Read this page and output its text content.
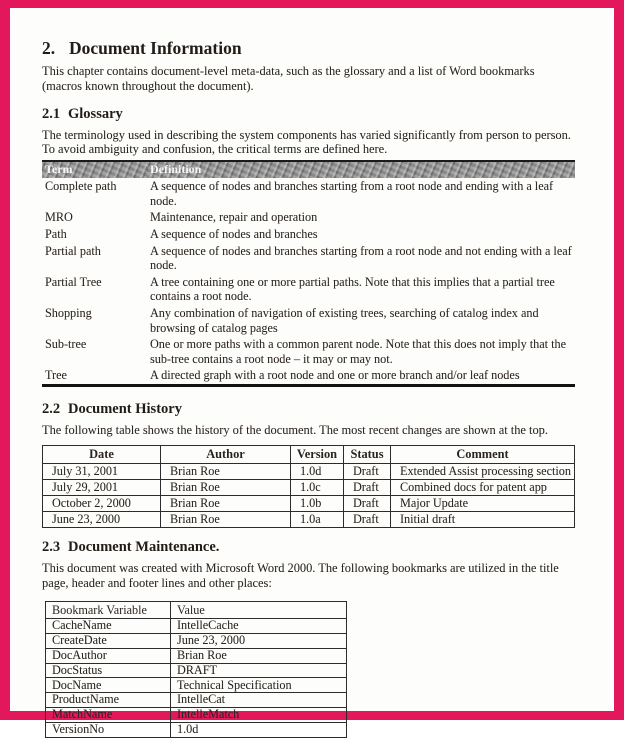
2. Document Information

This chapter contains document-level meta-data, such as the glossary and a list of Word bookmarks (macros known throughout the document).

2.1 Glossary

The terminology used in describing the system components has varied significantly from person to person. To avoid ambiguity and confusion, the critical terms are defined here.

Term	Definition
Complete path	A sequence of nodes and branches starting from a root node and ending with a leaf node.
MRO	Maintenance, repair and operation
Path	A sequence of nodes and branches
Partial path	A sequence of nodes and branches starting from a root node and not ending with a leaf node.
Partial Tree	A tree containing one or more partial paths. Note that this implies that a partial tree contains a root node.
Shopping	Any combination of navigation of existing trees, searching of catalog index and browsing of catalog pages
Sub-tree	One or more paths with a common parent node. Note that this does not imply that the sub-tree contains a root node – it may or may not.
Tree	A directed graph with a root node and one or more branch and/or leaf nodes
2.2 Document History

The following table shows the history of the document. The most recent changes are shown at the top.

Date	Author	Version	Status	Comment
July 31, 2001	Brian Roe	1.0d	Draft	Extended Assist processing section
July 29, 2001	Brian Roe	1.0c	Draft	Combined docs for patent app
October 2, 2000	Brian Roe	1.0b	Draft	Major Update
June 23, 2000	Brian Roe	1.0a	Draft	Initial draft
2.3 Document Maintenance.

This document was created with Microsoft Word 2000. The following bookmarks are utilized in the title page, header and footer lines and other places:

Bookmark Variable	Value
CacheName	IntelleCache
CreateDate	June 23, 2000
DocAuthor	Brian Roe
DocStatus	DRAFT
DocName	Technical Specification
ProductName	IntelleCat
MatchName	IntelleMatch
VersionNo	1.0d
